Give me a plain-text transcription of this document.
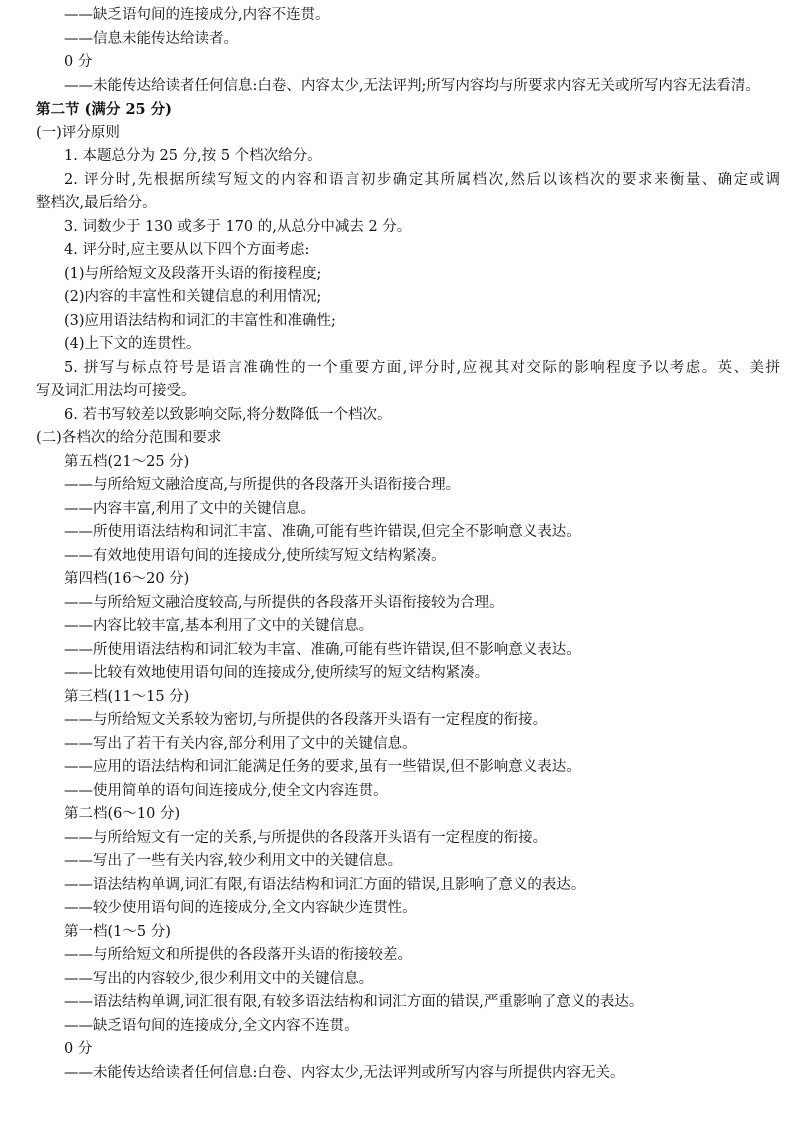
——缺乏语句间的连接成分,内容不连贯。
——信息未能传达给读者。
0 分
——未能传达给读者任何信息:白卷、内容太少,无法评判;所写内容均与所要求内容无关或所写内容无法看清。
第二节 (满分 25 分)
(一)评分原则
1. 本题总分为 25 分,按 5 个档次给分。
2. 评分时,先根据所续写短文的内容和语言初步确定其所属档次,然后以该档次的要求来衡量、确定或调
整档次,最后给分。
3. 词数少于 130 或多于 170 的,从总分中减去 2 分。
4. 评分时,应主要从以下四个方面考虑:
(1)与所给短文及段落开头语的衔接程度;
(2)内容的丰富性和关键信息的利用情况;
(3)应用语法结构和词汇的丰富性和准确性;
(4)上下文的连贯性。
5. 拼写与标点符号是语言准确性的一个重要方面,评分时,应视其对交际的影响程度予以考虑。英、美拼
写及词汇用法均可接受。
6. 若书写较差以致影响交际,将分数降低一个档次。
(二)各档次的给分范围和要求
第五档(21～25 分)
——与所给短文融洽度高,与所提供的各段落开头语衔接合理。
——内容丰富,利用了文中的关键信息。
——所使用语法结构和词汇丰富、准确,可能有些许错误,但完全不影响意义表达。
——有效地使用语句间的连接成分,使所续写短文结构紧凑。
第四档(16～20 分)
——与所给短文融洽度较高,与所提供的各段落开头语衔接较为合理。
——内容比较丰富,基本利用了文中的关键信息。
——所使用语法结构和词汇较为丰富、准确,可能有些许错误,但不影响意义表达。
——比较有效地使用语句间的连接成分,使所续写的短文结构紧凑。
第三档(11～15 分)
——与所给短文关系较为密切,与所提供的各段落开头语有一定程度的衔接。
——写出了若干有关内容,部分利用了文中的关键信息。
——应用的语法结构和词汇能满足任务的要求,虽有一些错误,但不影响意义表达。
——使用简单的语句间连接成分,使全文内容连贯。
第二档(6～10 分)
——与所给短文有一定的关系,与所提供的各段落开头语有一定程度的衔接。
——写出了一些有关内容,较少利用文中的关键信息。
——语法结构单调,词汇有限,有语法结构和词汇方面的错误,且影响了意义的表达。
——较少使用语句间的连接成分,全文内容缺少连贯性。
第一档(1～5 分)
——与所给短文和所提供的各段落开头语的衔接较差。
——写出的内容较少,很少利用文中的关键信息。
——语法结构单调,词汇很有限,有较多语法结构和词汇方面的错误,严重影响了意义的表达。
——缺乏语句间的连接成分,全文内容不连贯。
0 分
——未能传达给读者任何信息:白卷、内容太少,无法评判或所写内容与所提供内容无关。
